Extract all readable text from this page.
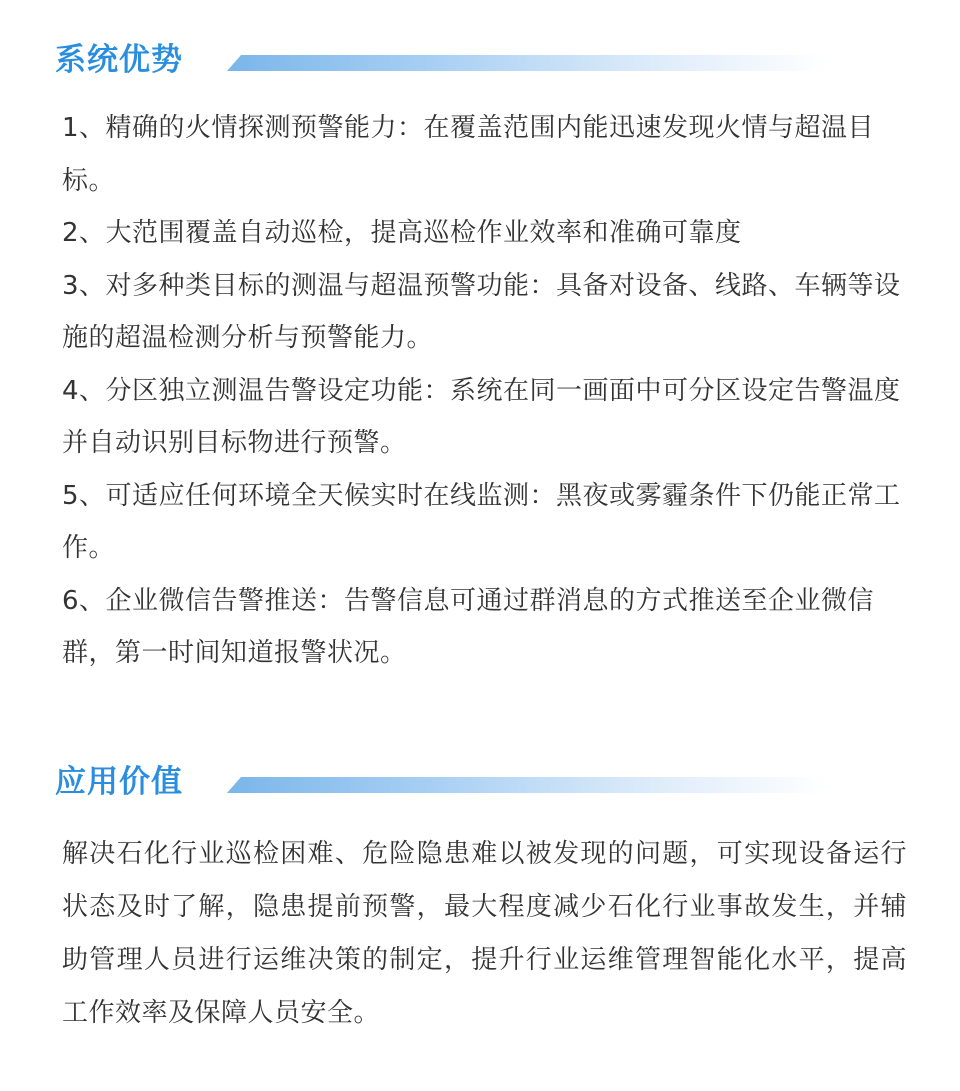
系统优势
1、精确的火情探测预警能力：在覆盖范围内能迅速发现火情与超温目标。
2、大范围覆盖自动巡检，提高巡检作业效率和准确可靠度
3、对多种类目标的测温与超温预警功能：具备对设备、线路、车辆等设施的超温检测分析与预警能力。
4、分区独立测温告警设定功能：系统在同一画面中可分区设定告警温度并自动识别目标物进行预警。
5、可适应任何环境全天候实时在线监测：黑夜或雾霾条件下仍能正常工作。
6、企业微信告警推送：告警信息可通过群消息的方式推送至企业微信群，第一时间知道报警状况。
应用价值

解决石化行业巡检困难、危险隐患难以被发现的问题，可实现设备运行状态及时了解，隐患提前预警，最大程度减少石化行业事故发生，并辅助管理人员进行运维决策的制定，提升行业运维管理智能化水平，提高工作效率及保障人员安全。
